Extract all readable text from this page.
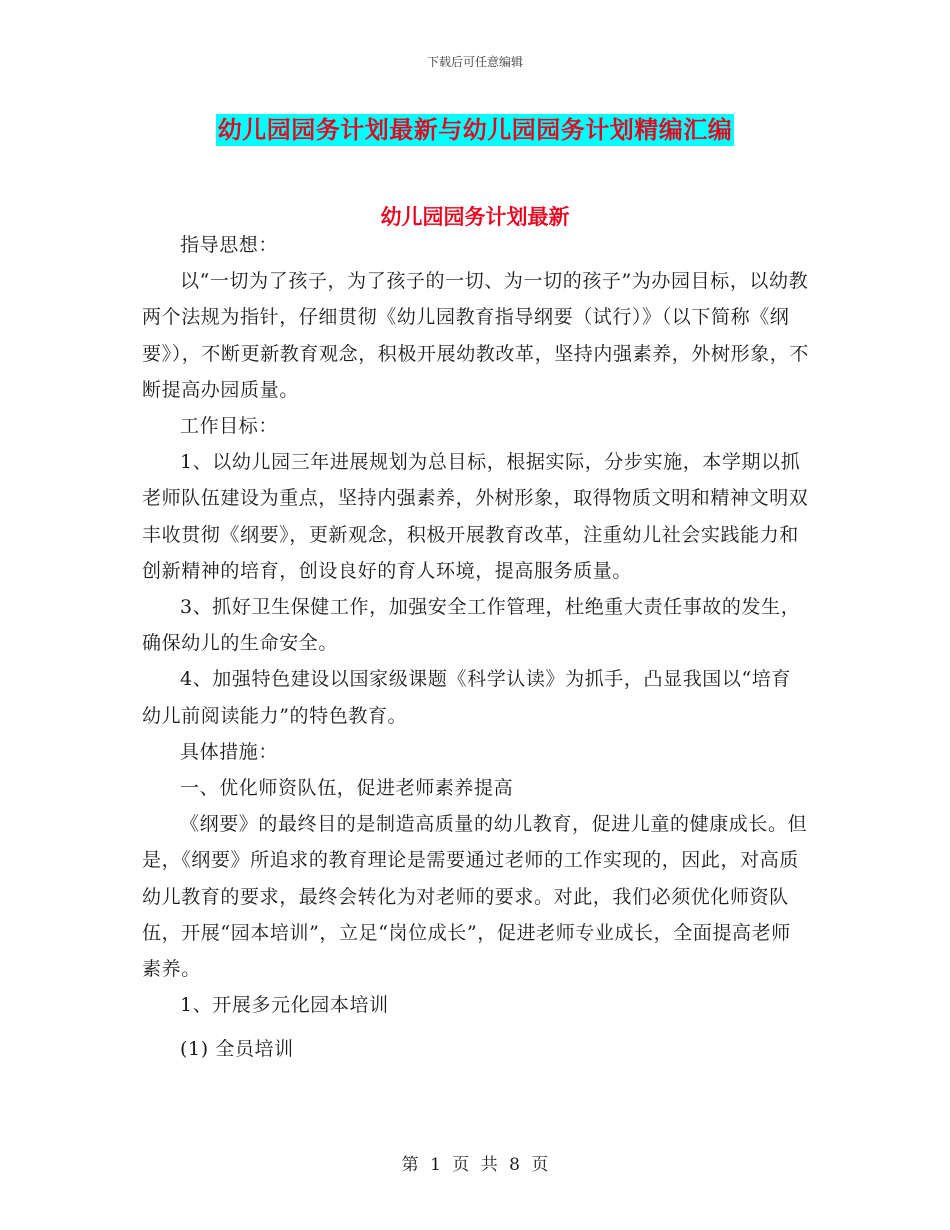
下载后可任意编辑
幼儿园园务计划最新与幼儿园园务计划精编汇编
幼儿园园务计划最新

指导思想：

以“一切为了孩子，为了孩子的一切、为一切的孩子”为办园目标，以幼教两个法规为指针，仔细贯彻《幼儿园教育指导纲要（试行）》（以下简称《纲要》），不断更新教育观念，积极开展幼教改革，坚持内强素养，外树形象，不断提高办园质量。

工作目标：

1、以幼儿园三年进展规划为总目标，根据实际，分步实施，本学期以抓老师队伍建设为重点，坚持内强素养，外树形象，取得物质文明和精神文明双丰收贯彻《纲要》，更新观念，积极开展教育改革，注重幼儿社会实践能力和创新精神的培育，创设良好的育人环境，提高服务质量。

3、抓好卫生保健工作，加强安全工作管理，杜绝重大责任事故的发生，确保幼儿的生命安全。

4、加强特色建设以国家级课题《科学认读》为抓手，凸显我国以“培育幼儿前阅读能力”的特色教育。

具体措施：

一、优化师资队伍，促进老师素养提高

《纲要》的最终目的是制造高质量的幼儿教育，促进儿童的健康成长。但是，《纲要》所追求的教育理论是需要通过老师的工作实现的，因此，对高质幼儿教育的要求，最终会转化为对老师的要求。对此，我们必须优化师资队伍，开展“园本培训”，立足“岗位成长”，促进老师专业成长，全面提高老师素养。

1、开展多元化园本培训

(1) 全员培训

第 1 页 共 8 页
